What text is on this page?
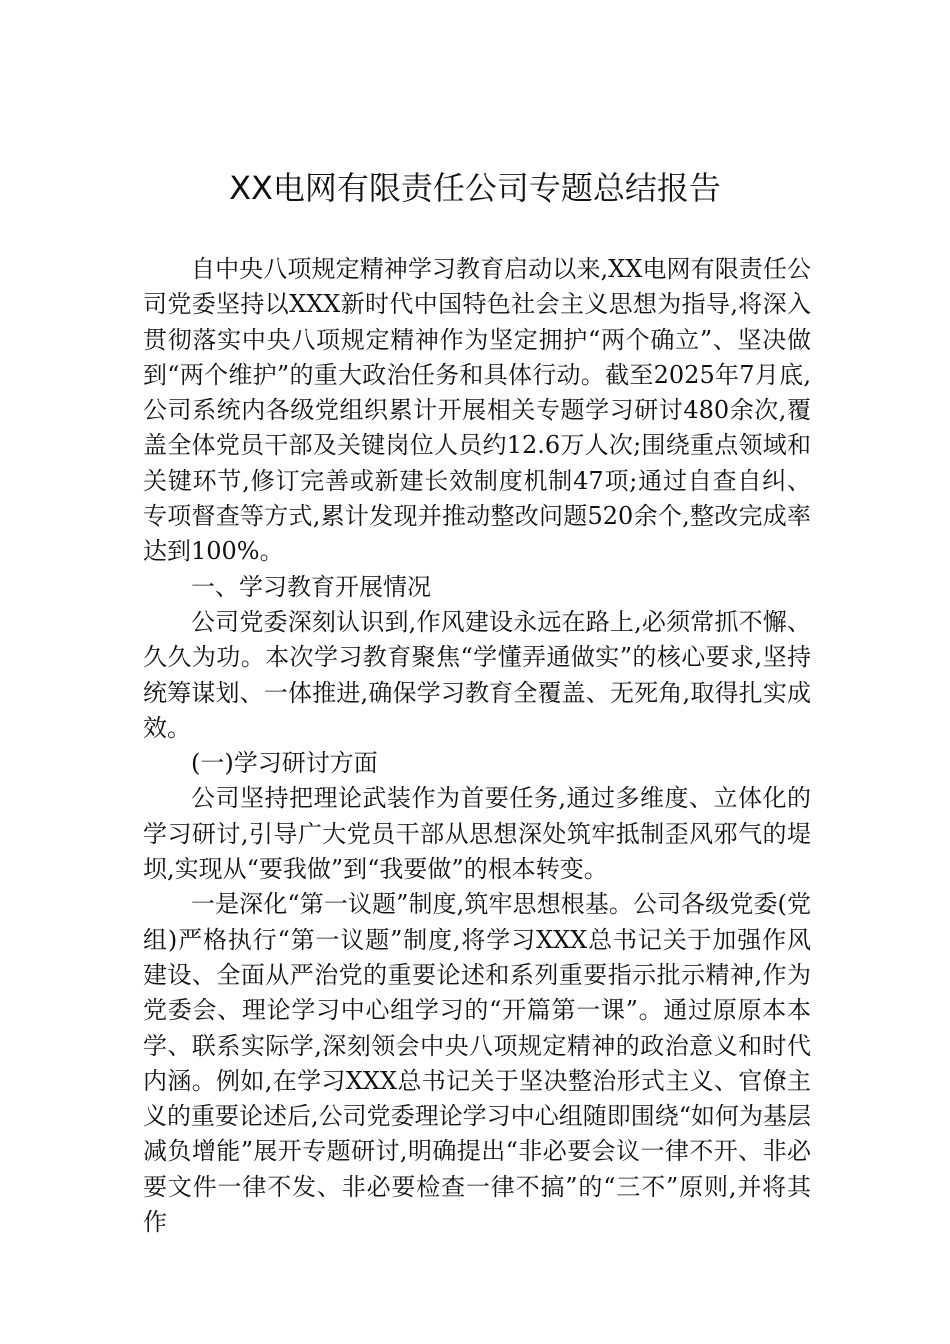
XX电网有限责任公司专题总结报告

自中央八项规定精神学习教育启动以来,XX电网有限责任公司党委坚持以XXX新时代中国特色社会主义思想为指导,将深入贯彻落实中央八项规定精神作为坚定拥护“两个确立”、坚决做到“两个维护”的重大政治任务和具体行动。截至2025年7月底,公司系统内各级党组织累计开展相关专题学习研讨480余次,覆盖全体党员干部及关键岗位人员约12.6万人次;围绕重点领域和关键环节,修订完善或新建长效制度机制47项;通过自查自纠、专项督查等方式,累计发现并推动整改问题520余个,整改完成率达到100%。

一、学习教育开展情况

公司党委深刻认识到,作风建设永远在路上,必须常抓不懈、久久为功。本次学习教育聚焦“学懂弄通做实”的核心要求,坚持统筹谋划、一体推进,确保学习教育全覆盖、无死角,取得扎实成效。

(一)学习研讨方面

公司坚持把理论武装作为首要任务,通过多维度、立体化的学习研讨,引导广大党员干部从思想深处筑牢抵制歪风邪气的堤坝,实现从“要我做”到“我要做”的根本转变。

一是深化“第一议题”制度,筑牢思想根基。公司各级党委(党组)严格执行“第一议题”制度,将学习XXX总书记关于加强作风建设、全面从严治党的重要论述和系列重要指示批示精神,作为党委会、理论学习中心组学习的“开篇第一课”。通过原原本本学、联系实际学,深刻领会中央八项规定精神的政治意义和时代内涵。例如,在学习XXX总书记关于坚决整治形式主义、官僚主义的重要论述后,公司党委理论学习中心组随即围绕“如何为基层减负增能”展开专题研讨,明确提出“非必要会议一律不开、非必要文件一律不发、非必要检查一律不搞”的“三不”原则,并将其作
